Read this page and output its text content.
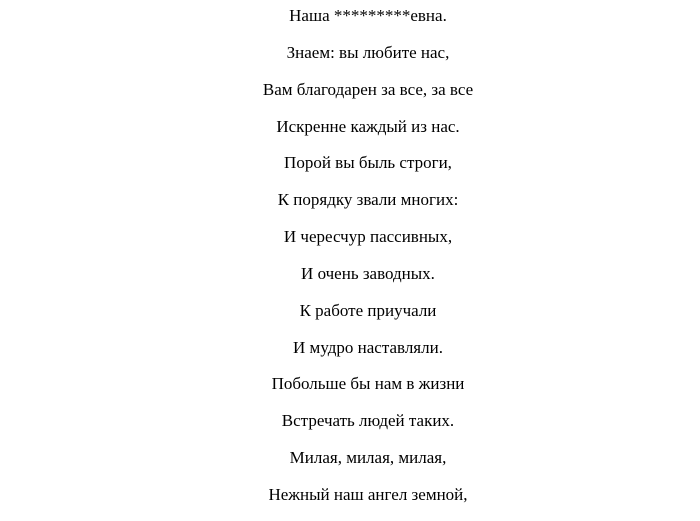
Наша *********евна.
Знаем: вы любите нас,
Вам благодарен за все, за все
Искренне каждый из нас.
Порой вы быль строги,
К порядку звали многих:
И чересчур пассивных,
И очень заводных.
К работе приучали
И мудро наставляли.
Побольше бы нам в жизни
Встречать людей таких.
Милая, милая, милая,
Нежный наш ангел земной,
